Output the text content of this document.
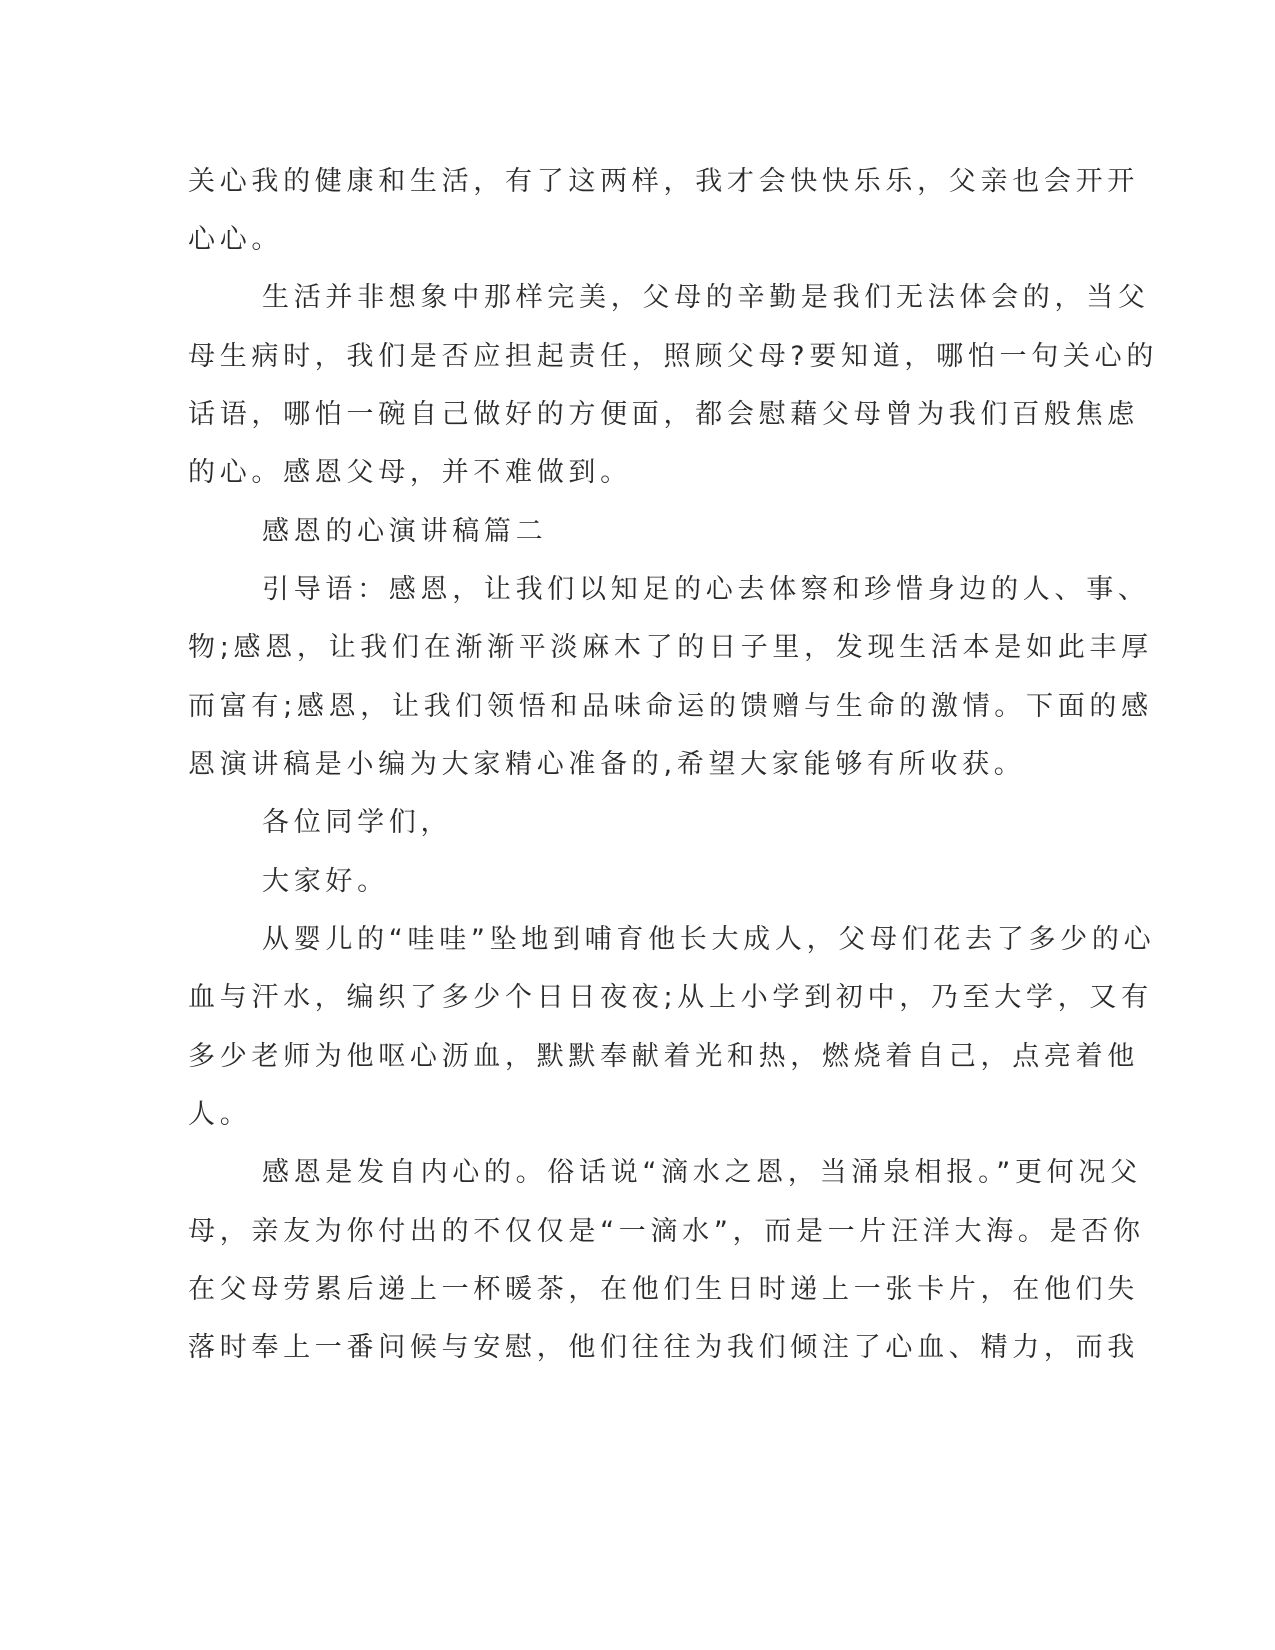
关心我的健康和生活，有了这两样，我才会快快乐乐，父亲也会开开
心心。
生活并非想象中那样完美，父母的辛勤是我们无法体会的，当父
母生病时，我们是否应担起责任，照顾父母?要知道，哪怕一句关心的
话语，哪怕一碗自己做好的方便面，都会慰藉父母曾为我们百般焦虑
的心。感恩父母，并不难做到。
感恩的心演讲稿篇二
引导语：感恩，让我们以知足的心去体察和珍惜身边的人、事、
物;感恩，让我们在渐渐平淡麻木了的日子里，发现生活本是如此丰厚
而富有;感恩，让我们领悟和品味命运的馈赠与生命的激情。下面的感
恩演讲稿是小编为大家精心准备的,希望大家能够有所收获。
各位同学们，
大家好。
从婴儿的“哇哇”坠地到哺育他长大成人，父母们花去了多少的心
血与汗水，编织了多少个日日夜夜;从上小学到初中，乃至大学，又有
多少老师为他呕心沥血，默默奉献着光和热，燃烧着自己，点亮着他
人。
感恩是发自内心的。俗话说“滴水之恩，当涌泉相报。”更何况父
母，亲友为你付出的不仅仅是“一滴水”，而是一片汪洋大海。是否你
在父母劳累后递上一杯暖茶，在他们生日时递上一张卡片，在他们失
落时奉上一番问候与安慰，他们往往为我们倾注了心血、精力，而我
